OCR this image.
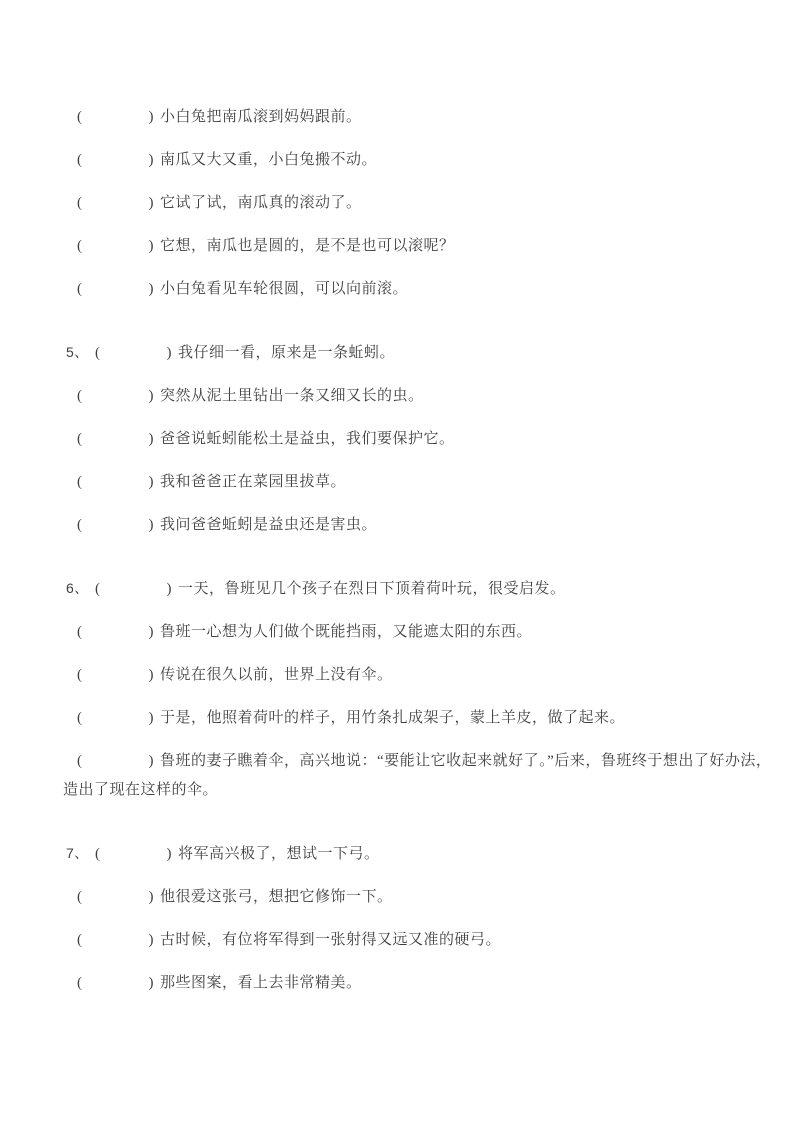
(	) 小白兔把南瓜滚到妈妈跟前。

(	) 南瓜又大又重，小白兔搬不动。

(	) 它试了试，南瓜真的滚动了。

(	) 它想，南瓜也是圆的，是不是也可以滚呢？

(	) 小白兔看见车轮很圆，可以向前滚。

5、 (	) 我仔细一看，原来是一条蚯蚓。

(	) 突然从泥土里钻出一条又细又长的虫。

(	) 爸爸说蚯蚓能松土是益虫，我们要保护它。

(	) 我和爸爸正在菜园里拔草。

(	) 我问爸爸蚯蚓是益虫还是害虫。

6、 (	) 一天，鲁班见几个孩子在烈日下顶着荷叶玩，很受启发。

(	) 鲁班一心想为人们做个既能挡雨，又能遮太阳的东西。

(	) 传说在很久以前，世界上没有伞。

(	) 于是，他照着荷叶的样子，用竹条扎成架子，蒙上羊皮，做了起来。

(	) 鲁班的妻子瞧着伞，高兴地说：“要能让它收起来就好了。”后来，鲁班终于想出了好办法，造出了现在这样的伞。

7、 (	) 将军高兴极了，想试一下弓。

(	) 他很爱这张弓，想把它修饰一下。

(	) 古时候，有位将军得到一张射得又远又准的硬弓。

(	) 那些图案，看上去非常精美。
